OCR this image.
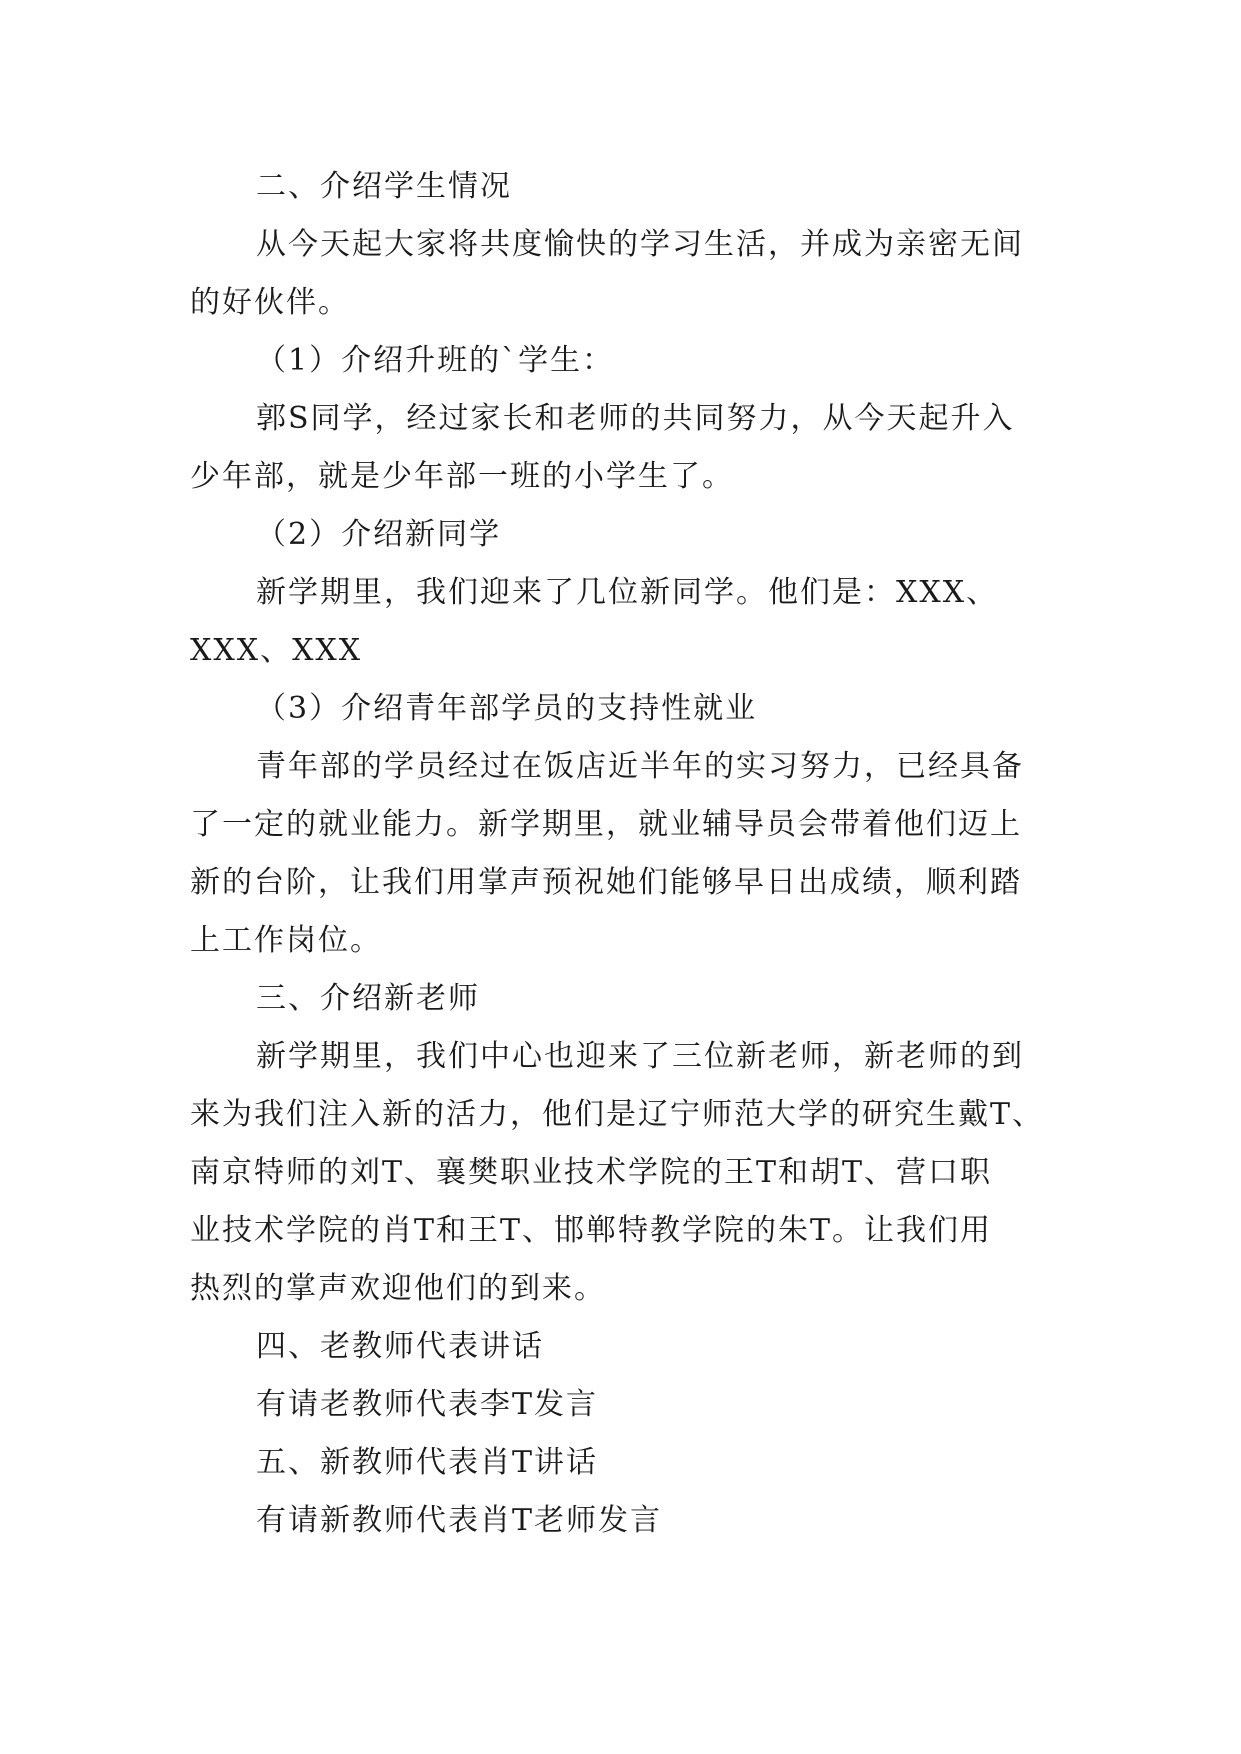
二、介绍学生情况

从今天起大家将共度愉快的学习生活，并成为亲密无间
的好伙伴。

（1）介绍升班的`学生：

郭S同学，经过家长和老师的共同努力，从今天起升入
少年部，就是少年部一班的小学生了。

（2）介绍新同学

新学期里，我们迎来了几位新同学。他们是：XXX、
XXX、XXX

（3）介绍青年部学员的支持性就业

青年部的学员经过在饭店近半年的实习努力，已经具备
了一定的就业能力。新学期里，就业辅导员会带着他们迈上
新的台阶，让我们用掌声预祝她们能够早日出成绩，顺利踏
上工作岗位。

三、介绍新老师

新学期里，我们中心也迎来了三位新老师，新老师的到
来为我们注入新的活力，他们是辽宁师范大学的研究生戴T、
南京特师的刘T、襄樊职业技术学院的王T和胡T、营口职
业技术学院的肖T和王T、邯郸特教学院的朱T。让我们用
热烈的掌声欢迎他们的到来。

四、老教师代表讲话

有请老教师代表李T发言

五、新教师代表肖T讲话

有请新教师代表肖T老师发言
